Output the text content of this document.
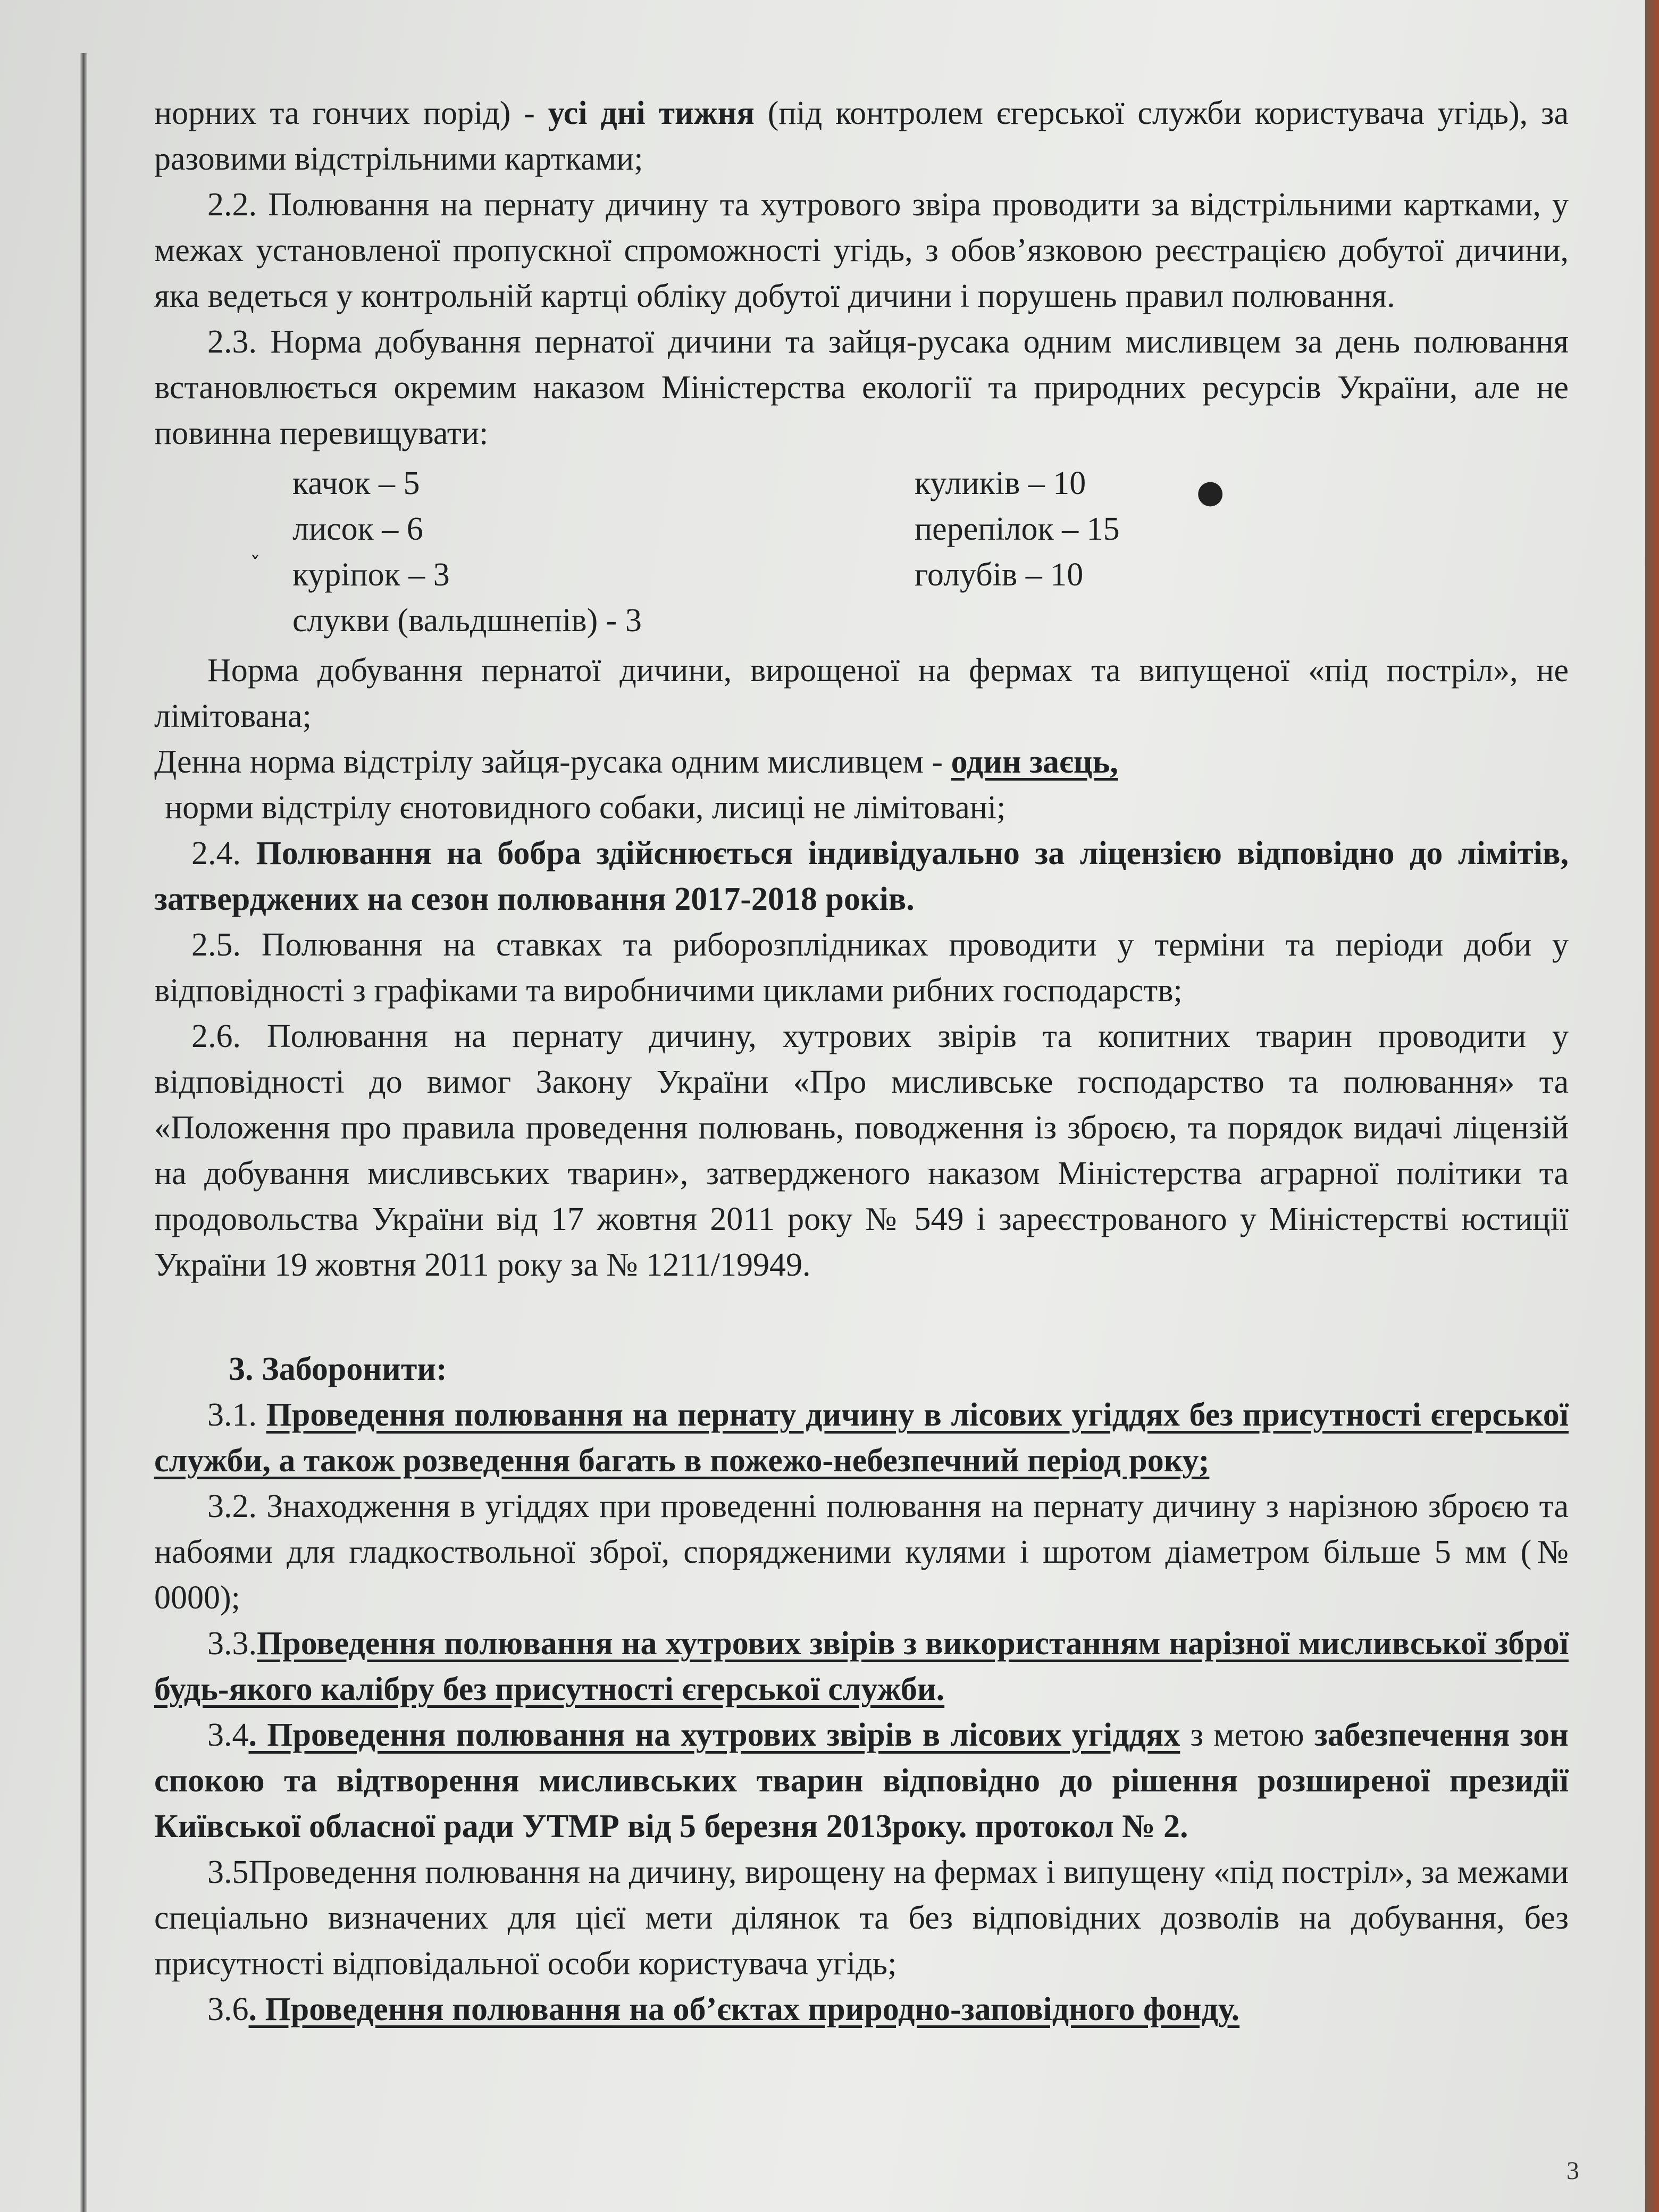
норних та гончих порід) - усі дні тижня (під контролем єгерської служби користувача угідь), за разовими відстрільними картками;

2.2. Полювання на пернату дичину та хутрового звіра проводити за відстрільними картками, у межах установленої пропускної спроможності угідь, з обов’язковою реєстрацією добутої дичини, яка ведеться у контрольній картці обліку добутої дичини і порушень правил полювання.

2.3. Норма добування пернатої дичини та зайця-русака одним мисливцем за день полювання встановлюється окремим наказом Міністерства екології та природних ресурсів України, але не повинна перевищувати:

качок – 5	куликів – 10
лисок – 6	перепілок – 15
курiпок – 3	голубів – 10
слукви (вальдшнепів) - 3

Норма добування пернатої дичини, вирощеної на фермах та випущеної «під постріл», не лімітована;

Денна норма відстрілу зайця-русака одним мисливцем - один заєць,

норми відстрілу єнотовидного собаки, лисиці не лімітовані;

2.4. Полювання на бобра здійснюється індивідуально за ліцензією відповідно до лімітів, затверджених на сезон полювання 2017-2018 років.

2.5. Полювання на ставках та риборозплідниках проводити у терміни та періоди доби у відповідності з графіками та виробничими циклами рибних господарств;

2.6. Полювання на пернату дичину, хутрових звірів та копитних тварин проводити у відповідності до вимог Закону України «Про мисливське господарство та полювання» та «Положення про правила проведення полювань, поводження із зброєю, та порядок видачі ліцензій на добування мисливських тварин», затвердженого наказом Міністерства аграрної політики та продовольства України від 17 жовтня 2011 року № 549 і зареєстрованого у Міністерстві юстиції України 19 жовтня 2011 року за № 1211/19949.

3. Заборонити:

3.1. Проведення полювання на пернату дичину в лісових угіддях без присутності єгерської служби, а також розведення багать в пожежо-небезпечний період року;

3.2. Знаходження в угіддях при проведенні полювання на пернату дичину з нарізною зброєю та набоями для гладкоствольної зброї, спорядженими кулями і шротом діаметром більше 5 мм (№ 0000);

3.3.Проведення полювання на хутрових звірів з використанням нарізної мисливської зброї будь-якого калібру без присутності єгерської служби.

3.4. Проведення полювання на хутрових звірів в лісових угіддях з метою забезпечення зон спокою та відтворення мисливських тварин відповідно до рішення розширеної президії Київської обласної ради УТМР від 5 березня 2013року. протокол № 2.

3.5Проведення полювання на дичину, вирощену на фермах і випущену «під постріл», за межами спеціально визначених для цієї мети ділянок та без відповідних дозволів на добування, без присутності відповідальної особи користувача угідь;

3.6. Проведення полювання на об’єктах природно-заповідного фонду.

●
ˇ
3
